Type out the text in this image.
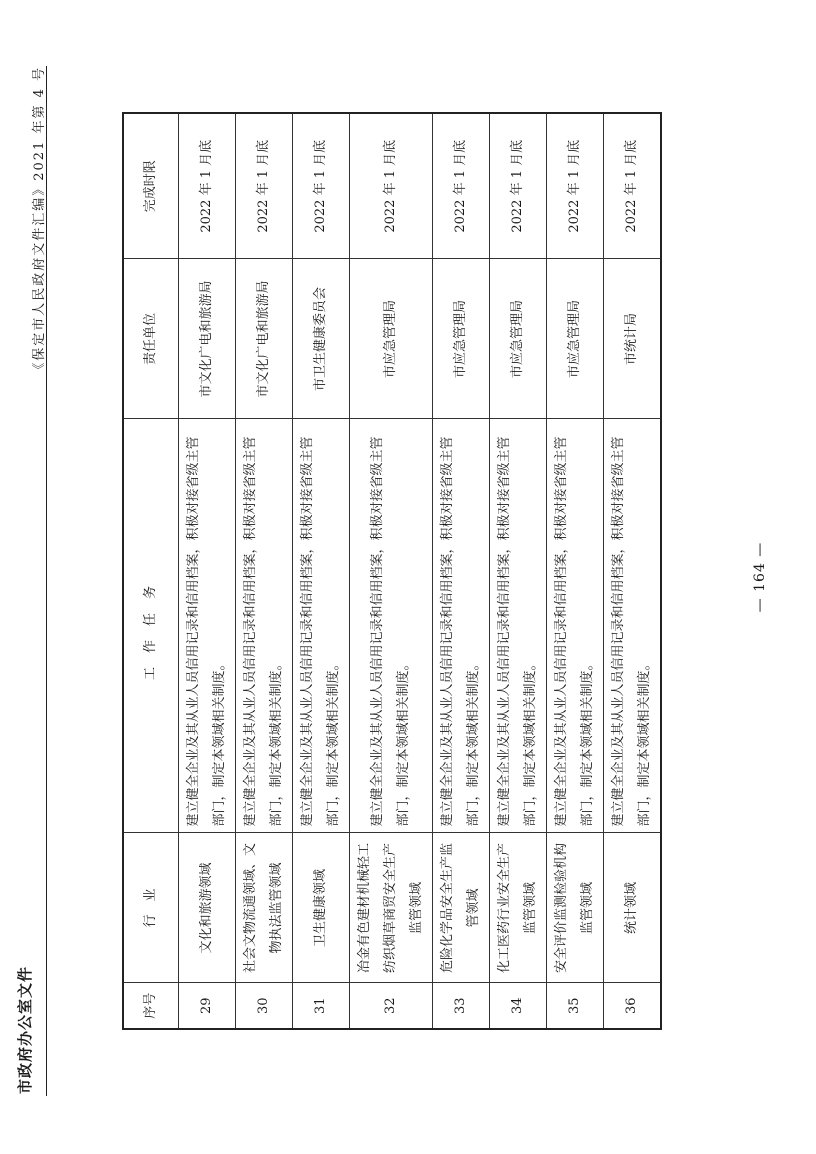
市政府办公室文件
《保定市人民政府文件汇编》2021 年第 4 号
序号	行　业	工作任务	责任单位	完成时限
29	文化和旅游领域	建立健全企业及其从业人员信用记录和信用档案，积极对接省级主管部门，制定本领域相关制度。	市文化广电和旅游局	2022 年 1 月底
30	社会文物流通领域、文物执法监管领域	建立健全企业及其从业人员信用记录和信用档案，积极对接省级主管部门，制定本领域相关制度。	市文化广电和旅游局	2022 年 1 月底
31	卫生健康领域	建立健全企业及其从业人员信用记录和信用档案，积极对接省级主管部门，制定本领域相关制度。	市卫生健康委员会	2022 年 1 月底
32	冶金有色建材机械轻工纺织烟草商贸安全生产监管领域	建立健全企业及其从业人员信用记录和信用档案，积极对接省级主管部门，制定本领域相关制度。	市应急管理局	2022 年 1 月底
33	危险化学品安全生产监管领域	建立健全企业及其从业人员信用记录和信用档案，积极对接省级主管部门，制定本领域相关制度。	市应急管理局	2022 年 1 月底
34	化工医药行业安全生产监管领域	建立健全企业及其从业人员信用记录和信用档案，积极对接省级主管部门，制定本领域相关制度。	市应急管理局	2022 年 1 月底
35	安全评价监测检验机构监管领域	建立健全企业及其从业人员信用记录和信用档案，积极对接省级主管部门，制定本领域相关制度。	市应急管理局	2022 年 1 月底
36	统计领域	建立健全企业及其从业人员信用记录和信用档案，积极对接省级主管部门，制定本领域相关制度。	市统计局	2022 年 1 月底
— 164 —
